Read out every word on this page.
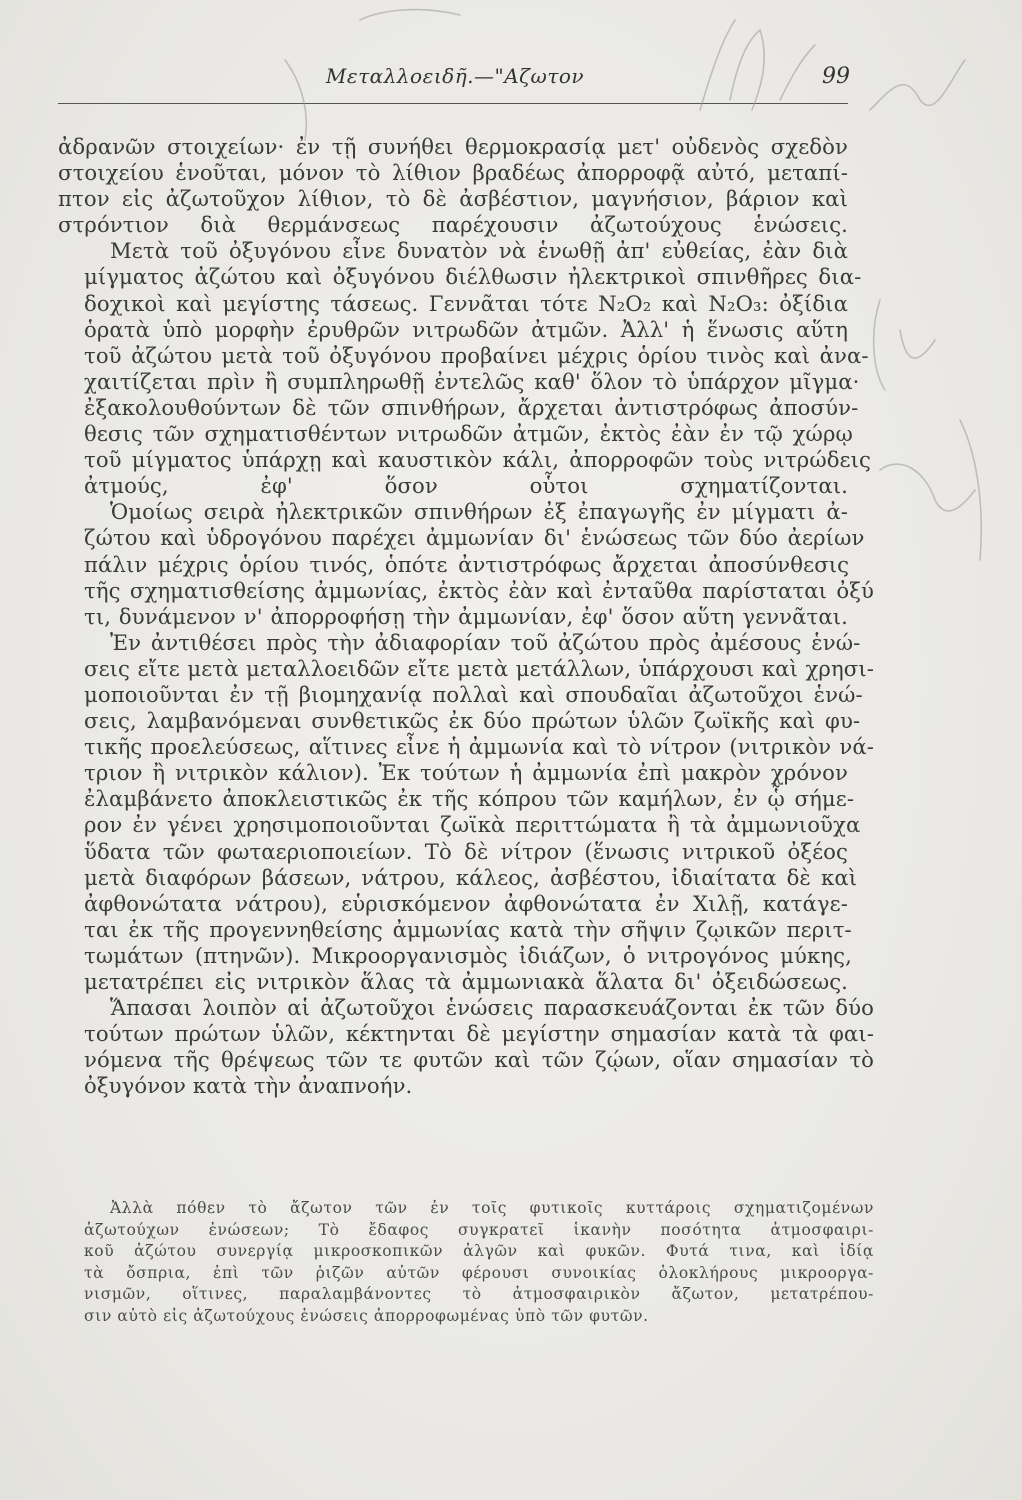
Μεταλλοειδῆ.—"Αζωτον	99
ἀδρανῶν στοιχείων· ἐν τῇ συνήθει θερμοκρασίᾳ μετ' οὐδενὸς σχεδὸν
στοιχείου ἑνοῦται, μόνον τὸ λίθιον βραδέως ἀπορροφᾷ αὐτό, μεταπί-
πτον εἰς ἀζωτοῦχον λίθιον, τὸ δὲ ἀσβέστιον, μαγνήσιον, βάριον καὶ
στρόντιον διὰ θερμάνσεως παρέχουσιν ἀζωτούχους ἑνώσεις.
Μετὰ τοῦ ὀξυγόνου εἶνε δυνατὸν νὰ ἑνωθῇ ἀπ' εὐθείας, ἐὰν διὰ
μίγματος ἀζώτου καὶ ὀξυγόνου διέλθωσιν ἠλεκτρικοὶ σπινθῆρες δια-
δοχικοὶ καὶ μεγίστης τάσεως. Γεννᾶται τότε N₂O₂ καὶ N₂O₃: ὀξίδια
ὁρατὰ ὑπὸ μορφὴν ἐρυθρῶν νιτρωδῶν ἀτμῶν. Ἀλλ' ἡ ἕνωσις αὕτη
τοῦ ἀζώτου μετὰ τοῦ ὀξυγόνου προβαίνει μέχρις ὁρίου τινὸς καὶ ἀνα-
χαιτίζεται πρὶν ἢ συμπληρωθῇ ἐντελῶς καθ' ὅλον τὸ ὑπάρχον μῖγμα·
ἐξακολουθούντων δὲ τῶν σπινθήρων, ἄρχεται ἀντιστρόφως ἀποσύν-
θεσις τῶν σχηματισθέντων νιτρωδῶν ἀτμῶν, ἐκτὸς ἐὰν ἐν τῷ χώρῳ
τοῦ μίγματος ὑπάρχῃ καὶ καυστικὸν κάλι, ἀπορροφῶν τοὺς νιτρώδεις
ἀτμούς, ἐφ' ὅσον οὗτοι σχηματίζονται.
Ὁμοίως σειρὰ ἠλεκτρικῶν σπινθήρων ἐξ ἐπαγωγῆς ἐν μίγματι ἀ-
ζώτου καὶ ὑδρογόνου παρέχει ἀμμωνίαν δι' ἑνώσεως τῶν δύο ἀερίων
πάλιν μέχρις ὁρίου τινός, ὁπότε ἀντιστρόφως ἄρχεται ἀποσύνθεσις
τῆς σχηματισθείσης ἀμμωνίας, ἐκτὸς ἐὰν καὶ ἐνταῦθα παρίσταται ὀξύ
τι, δυνάμενον ν' ἀπορροφήσῃ τὴν ἀμμωνίαν, ἐφ' ὅσον αὕτη γεννᾶται.
Ἐν ἀντιθέσει πρὸς τὴν ἀδιαφορίαν τοῦ ἀζώτου πρὸς ἀμέσους ἑνώ-
σεις εἴτε μετὰ μεταλλοειδῶν εἴτε μετὰ μετάλλων, ὑπάρχουσι καὶ χρησι-
μοποιοῦνται ἐν τῇ βιομηχανίᾳ πολλαὶ καὶ σπουδαῖαι ἀζωτοῦχοι ἑνώ-
σεις, λαμβανόμεναι συνθετικῶς ἐκ δύο πρώτων ὑλῶν ζωϊκῆς καὶ φυ-
τικῆς προελεύσεως, αἵτινες εἶνε ἡ ἀμμωνία καὶ τὸ νίτρον (νιτρικὸν νά-
τριον ἢ νιτρικὸν κάλιον). Ἐκ τούτων ἡ ἀμμωνία ἐπὶ μακρὸν χρόνον
ἐλαμβάνετο ἀποκλειστικῶς ἐκ τῆς κόπρου τῶν καμήλων, ἐν ᾧ σήμε-
ρον ἐν γένει χρησιμοποιοῦνται ζωϊκὰ περιττώματα ἢ τὰ ἀμμωνιοῦχα
ὕδατα τῶν φωταεριοποιείων. Τὸ δὲ νίτρον (ἕνωσις νιτρικοῦ ὀξέος
μετὰ διαφόρων βάσεων, νάτρου, κάλεος, ἀσβέστου, ἰδιαίτατα δὲ καὶ
ἀφθονώτατα νάτρου), εὑρισκόμενον ἀφθονώτατα ἐν Χιλῇ, κατάγε-
ται ἐκ τῆς προγεννηθείσης ἀμμωνίας κατὰ τὴν σῆψιν ζῳικῶν περιτ-
τωμάτων (πτηνῶν). Μικροοργανισμὸς ἰδιάζων, ὁ νιτρογόνος μύκης,
μετατρέπει εἰς νιτρικὸν ἅλας τὰ ἀμμωνιακὰ ἅλατα δι' ὀξειδώσεως.
Ἅπασαι λοιπὸν αἱ ἀζωτοῦχοι ἑνώσεις παρασκευάζονται ἐκ τῶν δύο
τούτων πρώτων ὑλῶν, κέκτηνται δὲ μεγίστην σημασίαν κατὰ τὰ φαι-
νόμενα τῆς θρέψεως τῶν τε φυτῶν καὶ τῶν ζῴων, οἵαν σημασίαν τὸ
ὀξυγόνον κατὰ τὴν ἀναπνοήν.
Ἀλλὰ πόθεν τὸ ἄζωτον τῶν ἐν τοῖς φυτικοῖς κυττάροις σχηματιζομένων
ἀζωτούχων ἑνώσεων; Τὸ ἔδαφος συγκρατεῖ ἱκανὴν ποσότητα ἀτμοσφαιρι-
κοῦ ἀζώτου συνεργίᾳ μικροσκοπικῶν ἀλγῶν καὶ φυκῶν. Φυτά τινα, καὶ ἰδίᾳ
τὰ ὄσπρια, ἐπὶ τῶν ῥιζῶν αὐτῶν φέρουσι συνοικίας ὁλοκλήρους μικροοργα-
νισμῶν, οἵτινες, παραλαμβάνοντες τὸ ἀτμοσφαιρικὸν ἄζωτον, μετατρέπου-
σιν αὐτὸ εἰς ἀζωτούχους ἑνώσεις ἀπορροφωμένας ὑπὸ τῶν φυτῶν.
